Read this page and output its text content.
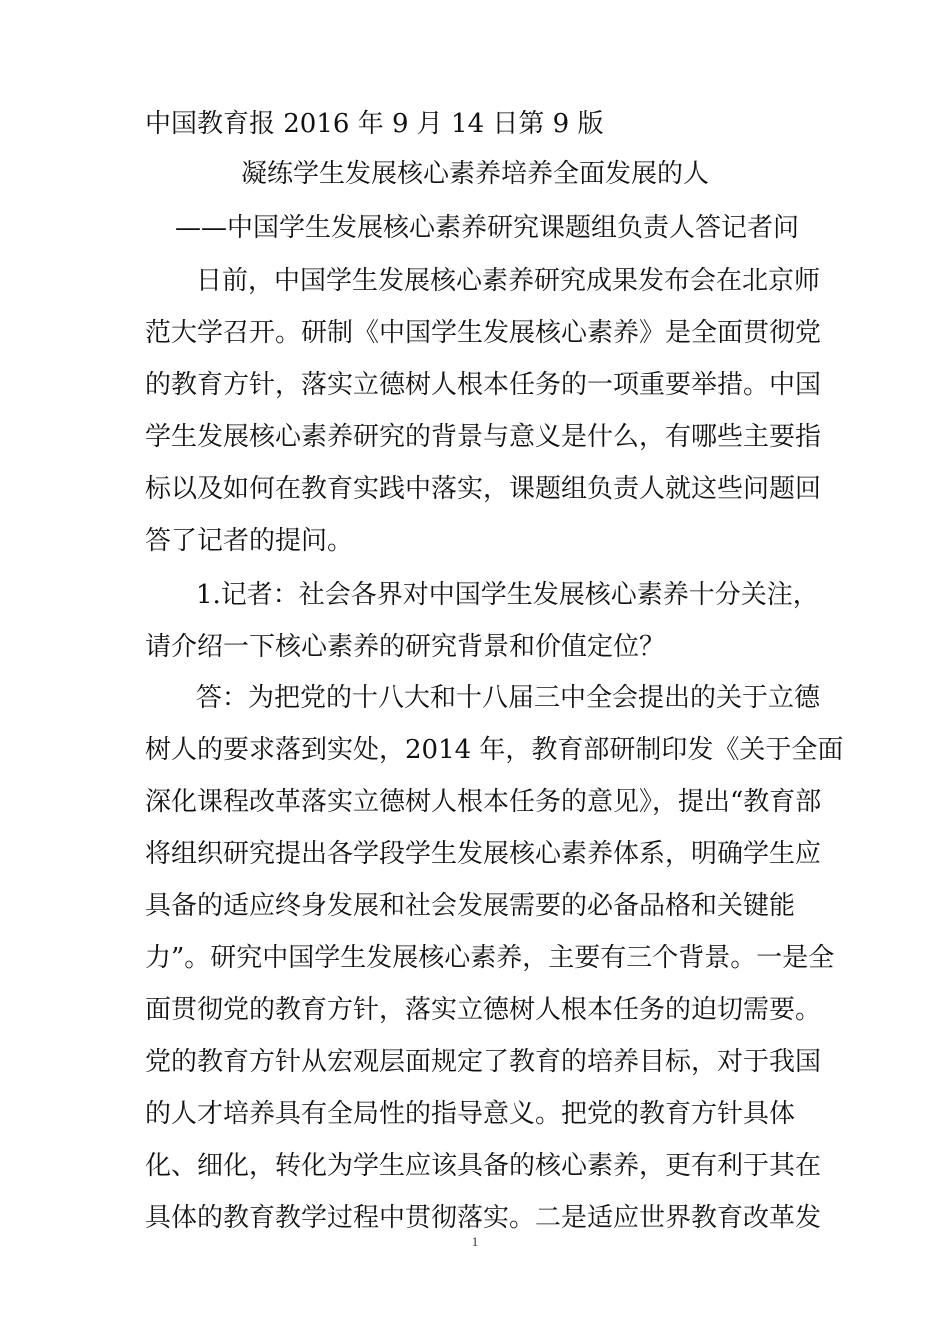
中国教育报 2016 年 9 月 14 日第 9 版
凝练学生发展核心素养培养全面发展的人
——中国学生发展核心素养研究课题组负责人答记者问
日前，中国学生发展核心素养研究成果发布会在北京师
范大学召开。研制《中国学生发展核心素养》是全面贯彻党
的教育方针，落实立德树人根本任务的一项重要举措。中国
学生发展核心素养研究的背景与意义是什么，有哪些主要指
标以及如何在教育实践中落实，课题组负责人就这些问题回
答了记者的提问。
1.记者：社会各界对中国学生发展核心素养十分关注，
请介绍一下核心素养的研究背景和价值定位？
答：为把党的十八大和十八届三中全会提出的关于立德
树人的要求落到实处，2014 年，教育部研制印发《关于全面
深化课程改革落实立德树人根本任务的意见》，提出“教育部
将组织研究提出各学段学生发展核心素养体系，明确学生应
具备的适应终身发展和社会发展需要的必备品格和关键能
力”。研究中国学生发展核心素养，主要有三个背景。一是全
面贯彻党的教育方针，落实立德树人根本任务的迫切需要。
党的教育方针从宏观层面规定了教育的培养目标，对于我国
的人才培养具有全局性的指导意义。把党的教育方针具体
化、细化，转化为学生应该具备的核心素养，更有利于其在
具体的教育教学过程中贯彻落实。二是适应世界教育改革发
1
